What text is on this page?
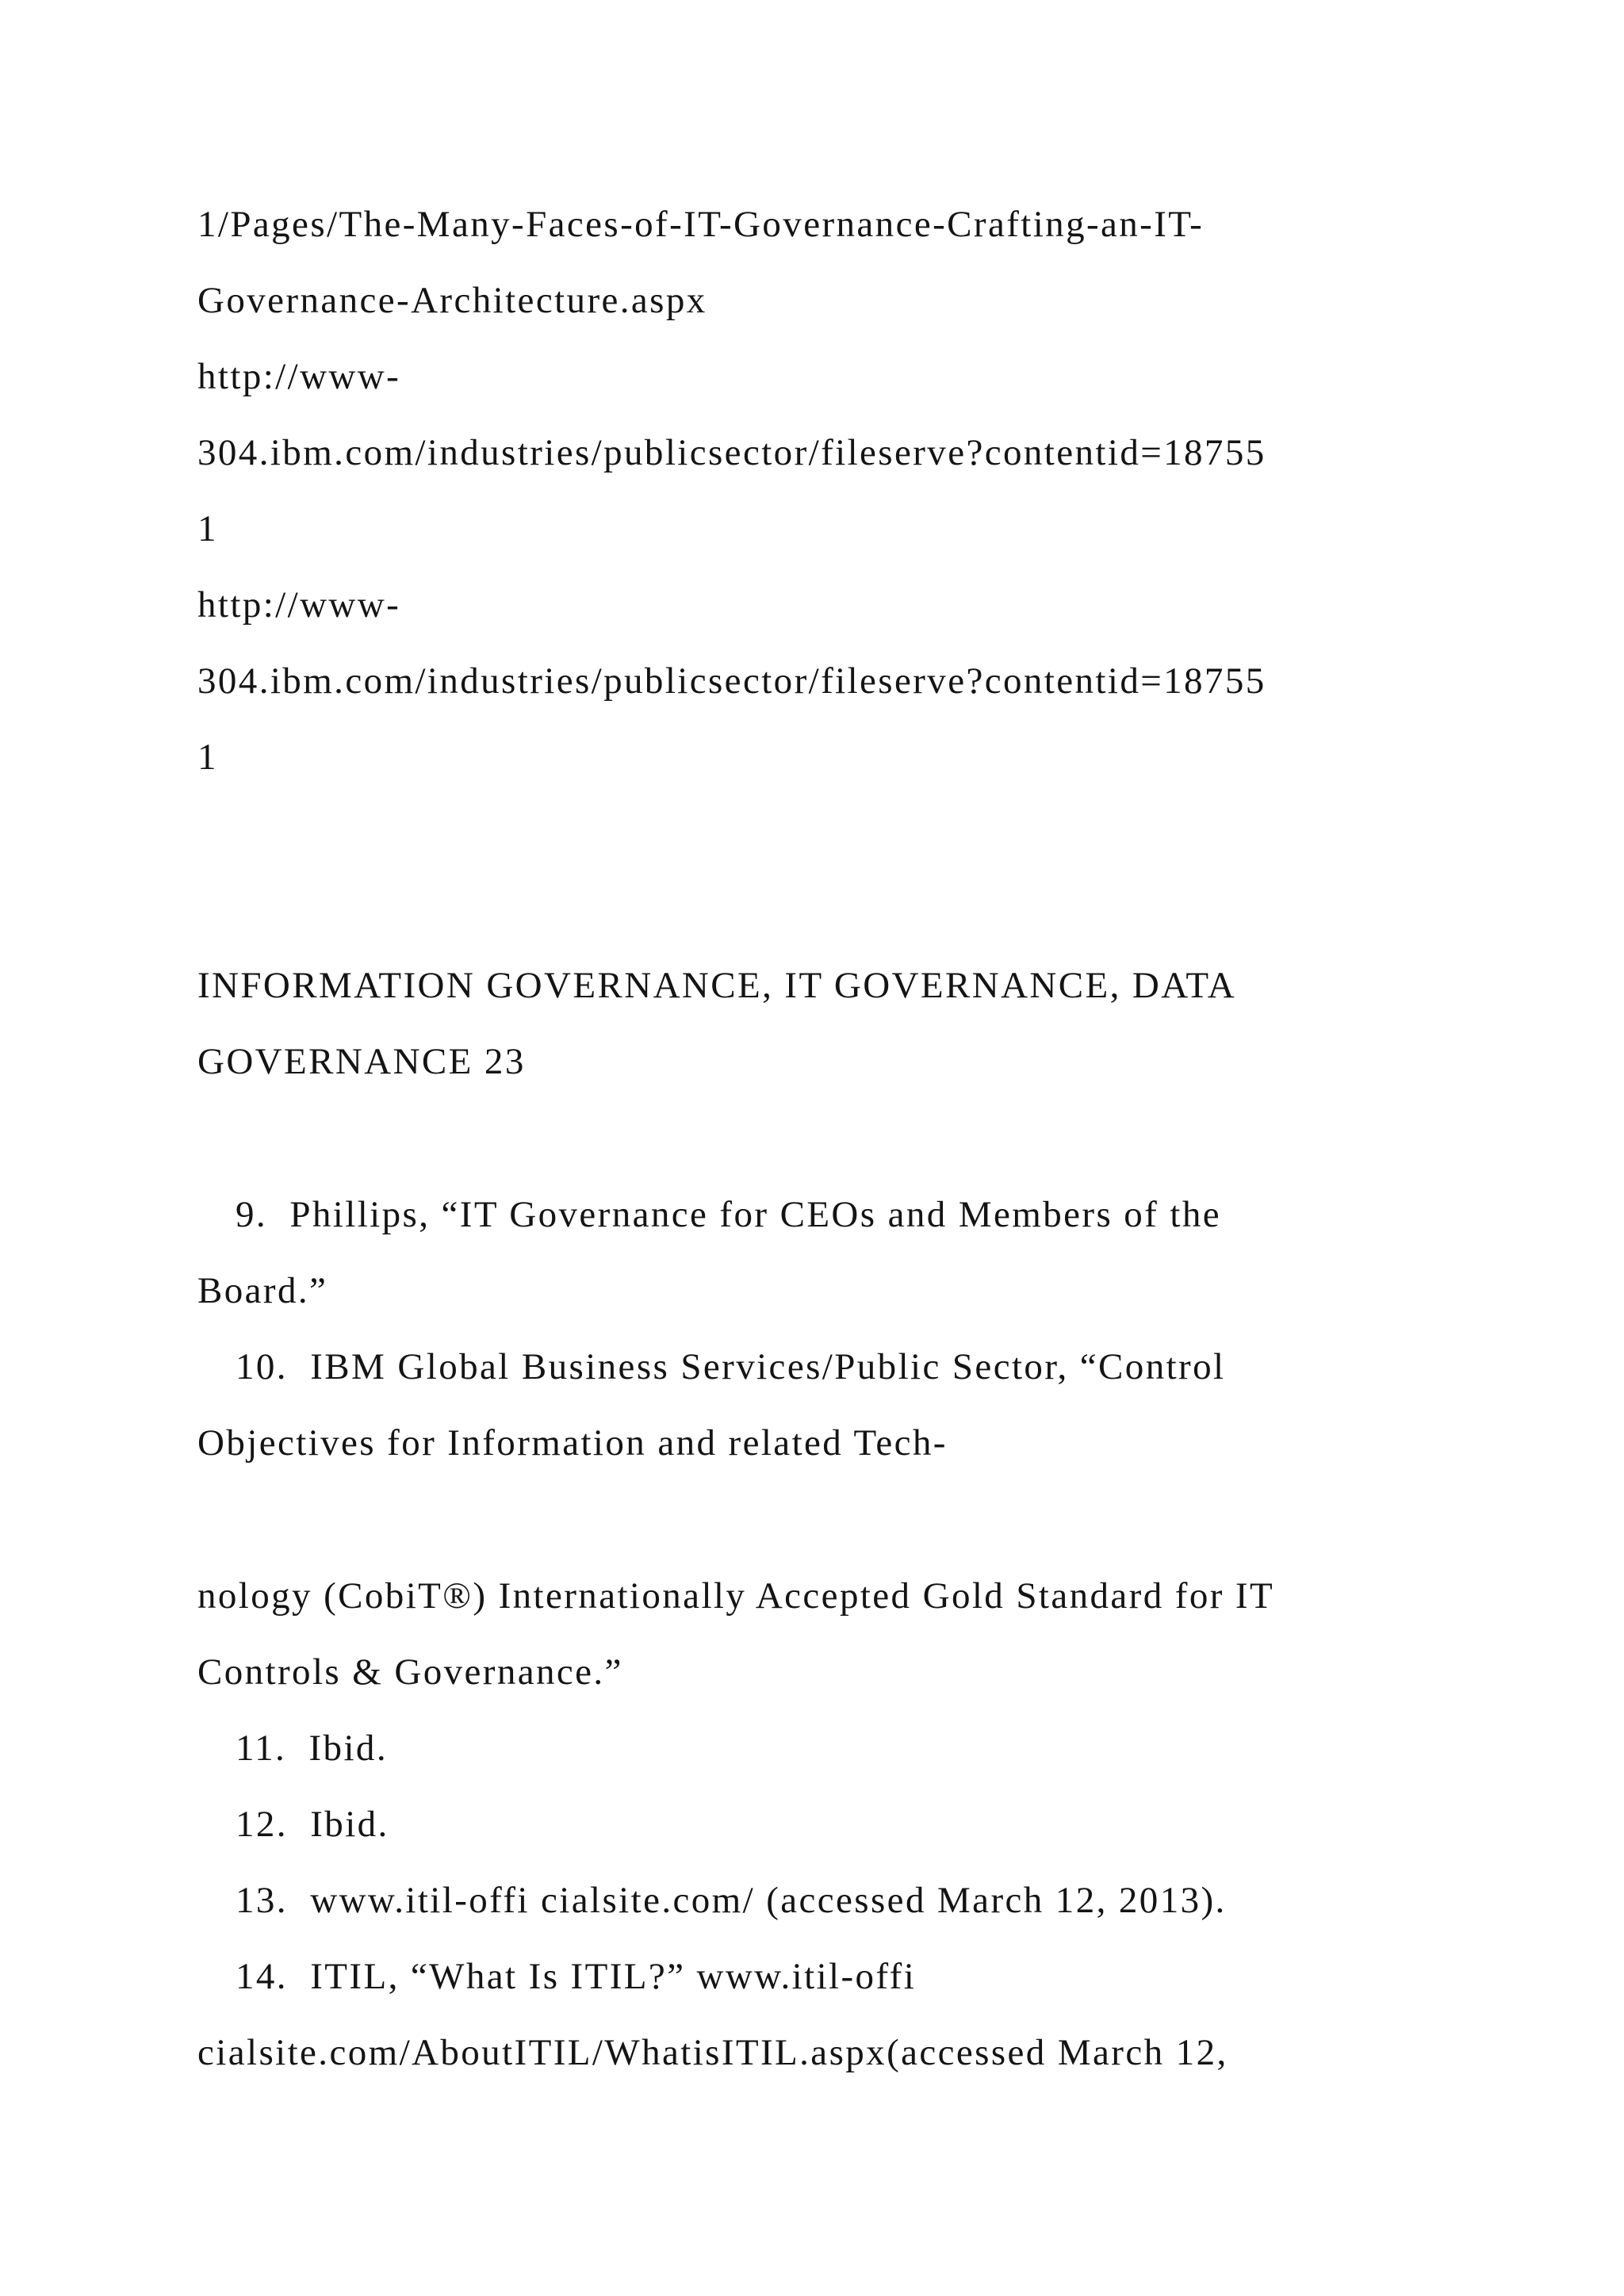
1/Pages/The-Many-Faces-of-IT-Governance-Crafting-an-IT-

Governance-Architecture.aspx

http://www-

304.ibm.com/industries/publicsector/fileserve?contentid=18755

1

http://www-

304.ibm.com/industries/publicsector/fileserve?contentid=18755

1

INFORMATION GOVERNANCE, IT GOVERNANCE, DATA

GOVERNANCE 23

9.  Phillips, “IT Governance for CEOs and Members of the

Board.”

10.  IBM Global Business Services/Public Sector, “Control

Objectives for Information and related Tech-

nology (CobiT®) Internationally Accepted Gold Standard for IT

Controls & Governance.”

11.  Ibid.

12.  Ibid.

13.  www.itil-offi cialsite.com/ (accessed March 12, 2013).

14.  ITIL, “What Is ITIL?” www.itil-offi

cialsite.com/AboutITIL/WhatisITIL.aspx(accessed March 12,
